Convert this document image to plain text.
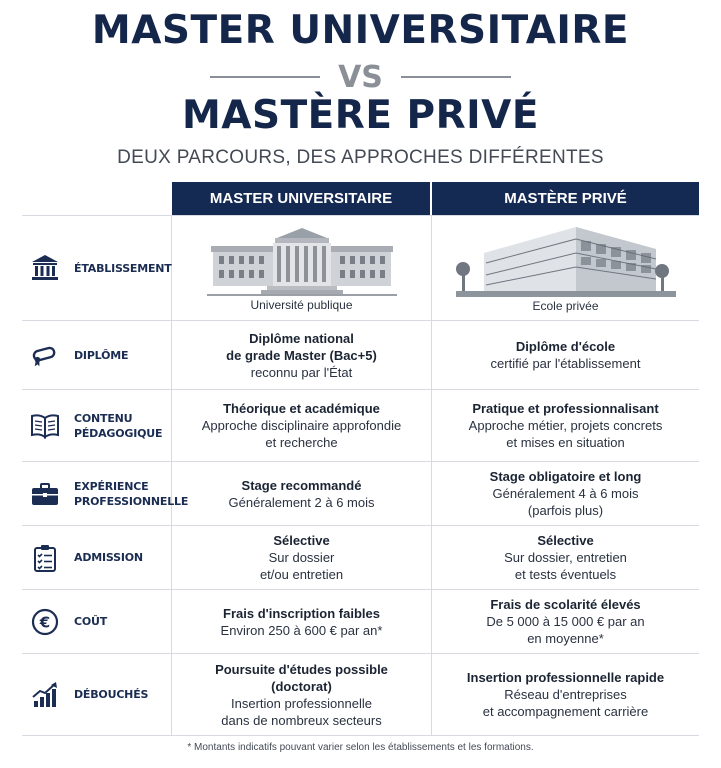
MASTER UNIVERSITAIRE
VS
MASTÈRE PRIVÉ
DEUX PARCOURS, DES APPROCHES DIFFÉRENTES
MASTER UNIVERSITAIRE	MASTÈRE PRIVÉ
ÉTABLISSEMENT
Université publique	Ecole privée
DIPLÔME
Diplôme national
de grade Master (Bac+5)
reconnu par l'État
Diplôme d'école
certifié par l'établissement
CONTENU
PÉDAGOGIQUE
Théorique et académique
Approche disciplinaire approfondie
et recherche
Pratique et professionnalisant
Approche métier, projets concrets
et mises en situation
EXPÉRIENCE
PROFESSIONNELLE
Stage recommandé
Généralement 2 à 6 mois
Stage obligatoire et long
Généralement 4 à 6 mois
(parfois plus)
ADMISSION
Sélective
Sur dossier
et/ou entretien
Sélective
Sur dossier, entretien
et tests éventuels
€ COÛT
Frais d'inscription faibles
Environ 250 à 600 € par an*
Frais de scolarité élevés
De 5 000 à 15 000 € par an
en moyenne*
DÉBOUCHÉS
Poursuite d'études possible
(doctorat)
Insertion professionnelle
dans de nombreux secteurs
Insertion professionnelle rapide
Réseau d'entreprises
et accompagnement carrière
* Montants indicatifs pouvant varier selon les établissements et les formations.
